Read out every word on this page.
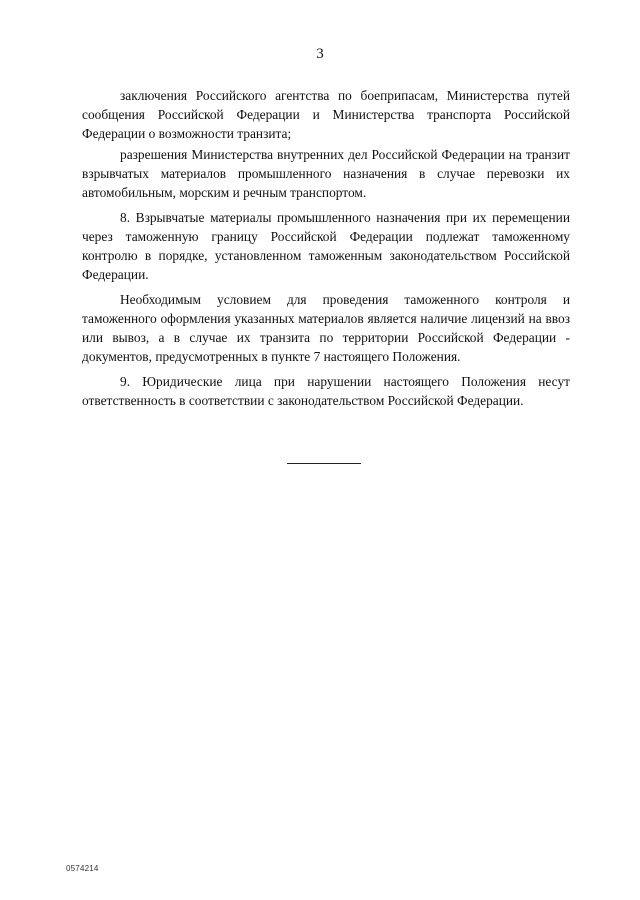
3

заключения Российского агентства по боеприпасам, Министерства путей сообщения Российской Федерации и Министерства транспорта Российской Федерации о возможности транзита;

разрешения Министерства внутренних дел Российской Федерации на транзит взрывчатых материалов промышленного назначения в случае перевозки их автомобильным, морским и речным транспортом.

8. Взрывчатые материалы промышленного назначения при их перемещении через таможенную границу Российской Федерации подлежат таможенному контролю в порядке, установленном таможенным законодательством Российской Федерации.

Необходимым условием для проведения таможенного контроля и таможенного оформления указанных материалов является наличие лицензий на ввоз или вывоз, а в случае их транзита по территории Российской Федерации - документов, предусмотренных в пункте 7 настоящего Положения.

9. Юридические лица при нарушении настоящего Положения несут ответственность в соответствии с законодательством Российской Федерации.

0574214
